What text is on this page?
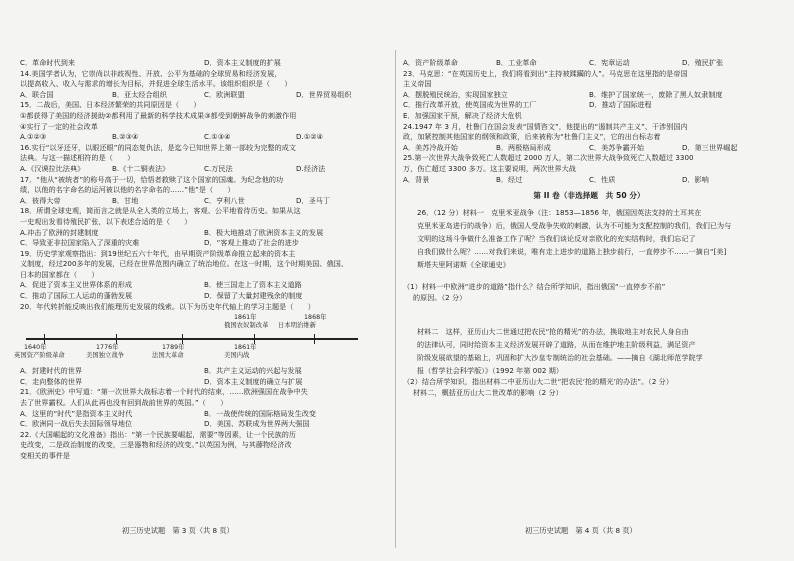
C．革命时代到来	D．资本主义制度的扩展
14.美国学者认为，它崇尚以非歧视性、开放、公平为基础的全球贸易和经济发展，
以提高收入、收入与需求的增长为目标，并促进全球生活水平。该组织组织是（　　）
A．联合国	B．亚太经合组织	C．欧洲联盟	D．世界贸易组织
15．二战后，美国、日本经济繁荣的共同原因是（　　）
①都获得了美国的经济援助②都利用了最新的科学技术成果③都受到朝鲜战争的刺激作用
④实行了一定的社会改革
A.①②③	B.②③④	C.①③④	D.①②④
16.实行“以牙还牙，以眼还眼”的同态复仇法，是迄今已知世界上第一部较为完整的成文
法典。与这一描述相符的是（　　）
A.《汉谟拉比法典》	B.《十二铜表法》	C.万民法	D.经济法
17．“他从“被统者”的称号高于一切，恰悟者救赎了这个国家的国魂。为纪念他的功
绩，以他的名字命名的运河被以他的名字命名的……”他”是（　　）
A．彼得大帝	B．甘地	C．亨利八世	D．圣马丁
18．所谓全球史观，简而言之就是从全人类的立场上，客观、公平地看待历史。如果从这
一史观出发看待殖民扩张，以下表述合适的是（　　）
A.冲击了欧洲的封建制度	B．极大地推动了欧洲资本主义的发展
C．导致亚非拉国家陷入了深重的灾难	D．“客观上推动了社会的进步
19．历史学家观察指出：到19世纪五六十年代，由早期资产阶级革命推立起来的资本主
义制度，经过200多年的发展，已经在世界范围内确立了统治地位。在这一时期，这个时期美国、俄国、
日本的国家都在（　　）
A．促进了资本主义世界体系的形成	B．使三国走上了资本主义道路
C．推动了国际工人运动的蓬勃发展	D．保留了大量封建残余的制度
20．年代转折能反映出我们能理历史发展的线索。以下为历史年代轴上的学习主题是（　　）
1640年
英国资产阶级革命
1776年
美国独立战争
1789年
法国大革命
1861年
俄国农奴制改革
1868年
日本明治维新
1861年
美国内战
A．封建时代的世界	B．共产主义运动的兴起与发展
C．走向整体的世界	D．资本主义制度的确立与扩展
21．《欧洲史》中写道：“第一次世界大战标志着一个时代的结束，……欧洲强国在战争中失
去了世界霸权。人们从此再也没有回到战前世界的英国。”（　　）
A．这里的“时代”是指资本主义时代	B．一战使传统的国际格局发生改变
C．欧洲同一战后失去国际领导地位	D．美国、苏联成为世界两大强国
22.《大国崛起的文化准备》指出：“第一个民族要崛起，需要”等因素，让一个民族的历
史改变，二是政治制度的改变，三是器物和经济的改变。”以英国为例，与其藤物经济改
变相关的事件是
A．资产阶级革命	B．工业革命	C．宪章运动	D．殖民扩张
23．马克思：“在英国历史上，我们将看到出“主持被蹂躏的人”。马克思在这里指的是帝国
主义帝国
A．摆脱殖民统治，实现国家独立	B．维护了国家统一，废除了黑人奴隶制度
C．推行改革开放，使英国成为世界的工厂	D．推动了国际进程
E．加强国家干预，解决了经济大危机
24.1947 年 3 月，杜鲁门在国会发表“国情咨文”，他提出的“遏制共产主义”、干涉别国内
政，加紧控制其他国家的纲领和政策，后来被称为“杜鲁门主义”，它的出台标志着
A．美苏冷战开始	B．两极格局形成	C．美苏争霸开始	D．第三世界崛起
25.第一次世界大战争致死亡人数超过 2000 万人，第二次世界大战争致死亡人数超过 3300
万，伤亡超过 3300 多万。这主要说明，两次世界大战
A．背景	B．经过	C．性质	D．影响
第 II 卷（非选择题　共 50 分）
26．（12 分）材料一　克里米亚战争（注：1853—1856 年，俄国因英法支持的土耳其在
克里米亚岛进行的战争）后，俄国人受战争失败的刺激，认为不可能为支配控制的我们，我们已为与
文明的这场斗争做什么准备工作了呢？当我们谈论反对亲欧化的充实结构时，我们忘记了
自我们做什么呢？……对我们来说，唯有走上进步的道路上独步前行，一直停步不……一摘自“[美]
斯塔夫里阿诺斯《全球通史》
（1）材料一中欧洲“进步的道路”指什么？结合所学知识，指出俄国“一直停步不前”
的原因。（2 分）
材料二　这样，亚历山大二世通过把农民“抢的精光”的办法，换取地主对农民人身自由
的法律认可，同时给资本主义经济发展开辟了道路，从而在维护地主阶级利益，满足资产
阶级发展欲望的基础上，巩固和扩大沙皇专制统治的社会基础。——摘自《湖北师范学院学
报（哲学社会科学版）》（1992 年第 002 期）
（2）结合所学知识，指出材料二中亚历山大二世“把农民‘抢的精光’的办法”。（2 分）
材料二，概括亚历山大二世改革的影响（2 分）
初三历史试题　第 3 页（共 8 页）	初三历史试题　第 4 页（共 8 页）
